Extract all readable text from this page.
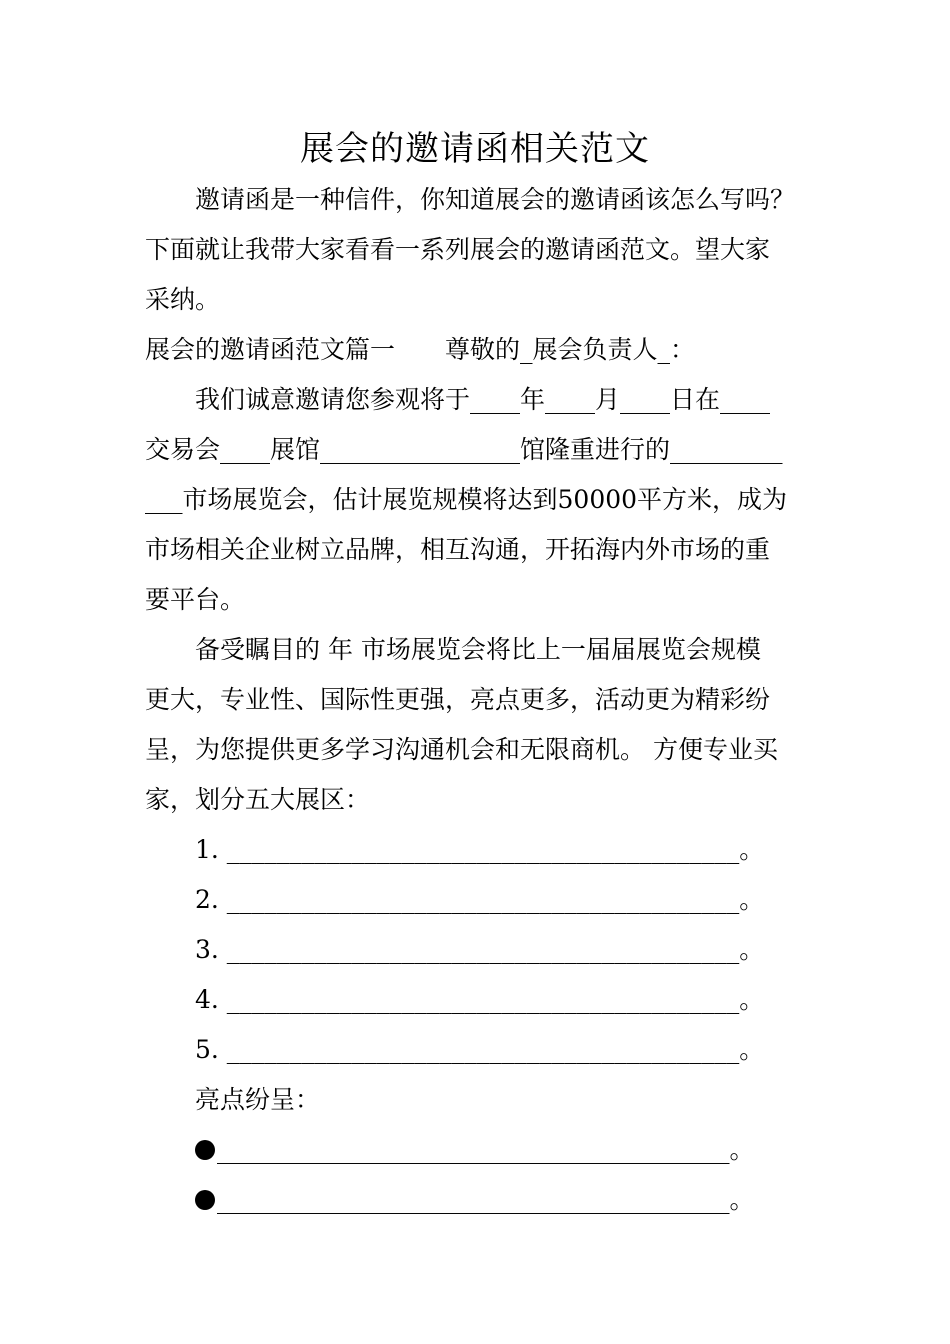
展会的邀请函相关范文
邀请函是一种信件，你知道展会的邀请函该怎么写吗？
下面就让我带大家看看一系列展会的邀请函范文。望大家
采纳。
展会的邀请函范文篇一　　尊敬的_展会负责人_：
我们诚意邀请您参观将于____年____月____日在____
交易会____展馆________________馆隆重进行的_________
___市场展览会，估计展览规模将达到50000平方米，成为
市场相关企业树立品牌，相互沟通，开拓海内外市场的重
要平台。
备受瞩目的 年 市场展览会将比上一届届展览会规模
更大，专业性、国际性更强，亮点更多，活动更为精彩纷
呈，为您提供更多学习沟通机会和无限商机。 方便专业买
家，划分五大展区：
1. _________________________________________。
2. _________________________________________。
3. _________________________________________。
4. _________________________________________。
5. _________________________________________。
亮点纷呈：
_________________________________________。
_________________________________________。
